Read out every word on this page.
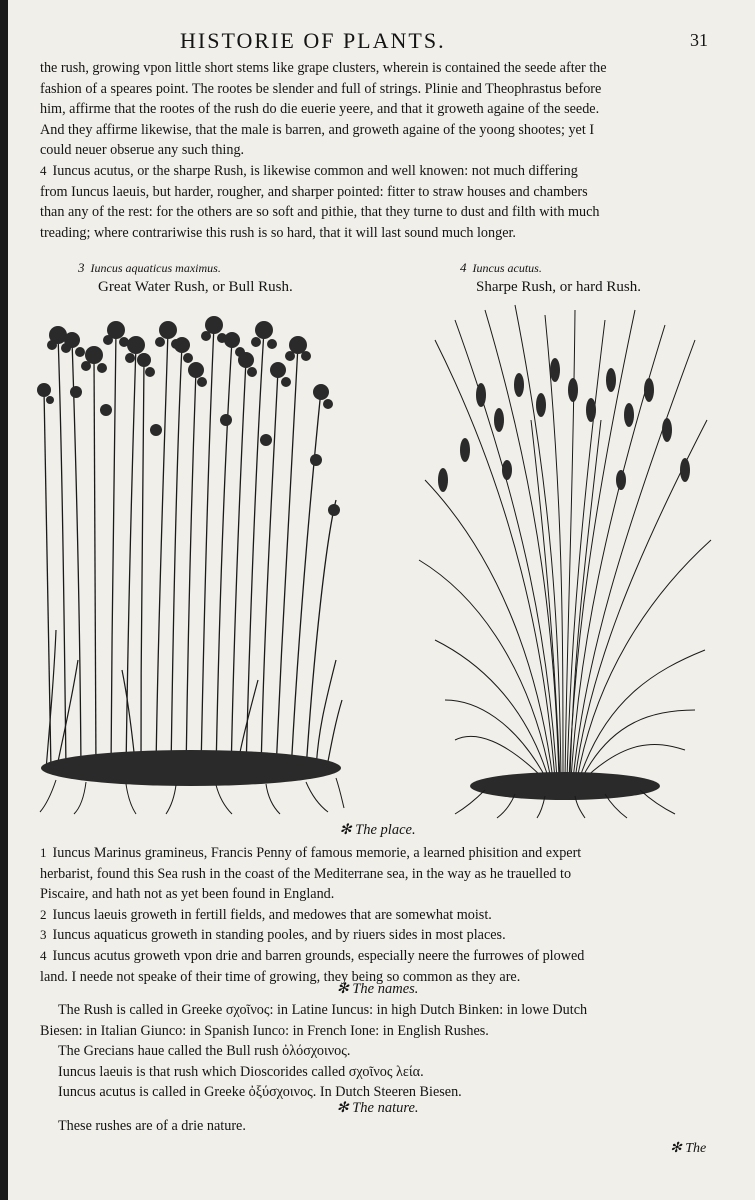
HISTORIE OF PLANTS.	31
the rush, growing vpon little short stems like grape clusters, wherein is contained the seede after the
fashion of a speares point. The rootes be slender and full of strings. Plinie and Theophrastus before
him, affirme that the rootes of the rush do die euerie yeere, and that it groweth againe of the seede.
And they affirme likewise, that the male is barren, and groweth againe of the yoong shootes; yet I
could neuer obserue any such thing.
4 Iuncus acutus, or the sharpe Rush, is likewise common and well knowen: not much differing
from Iuncus laeuis, but harder, rougher, and sharper pointed: fitter to straw houses and chambers
than any of the rest: for the others are so soft and pithie, that they turne to dust and filth with much
treading; where contrariwise this rush is so hard, that it will last sound much longer.
3 Iuncus aquaticus maximus.
Great Water Rush, or Bull Rush.
4 Iuncus acutus.
Sharpe Rush, or hard Rush.
✻ The place.
1 Iuncus Marinus gramineus, Francis Penny of famous memorie, a learned phisition and expert
herbarist, found this Sea rush in the coast of the Mediterrane sea, in the way as he trauelled to
Piscaire, and hath not as yet been found in England.
2 Iuncus laeuis groweth in fertill fields, and medowes that are somewhat moist.
3 Iuncus aquaticus groweth in standing pooles, and by riuers sides in most places.
4 Iuncus acutus groweth vpon drie and barren grounds, especially neere the furrowes of plowed
land. I neede not speake of their time of growing, they being so common as they are.
✻ The names.
The Rush is called in Greeke σχοῖνος: in Latine Iuncus: in high Dutch Binken: in lowe Dutch
Biesen: in Italian Giunco: in Spanish Iunco: in French Ione: in English Rushes.
The Grecians haue called the Bull rush ὀλόσχοινος.
Iuncus laeuis is that rush which Dioscorides called σχοῖνος λεία.
Iuncus acutus is called in Greeke ὀξύσχοινος. In Dutch Steeren Biesen.
✻ The nature.
These rushes are of a drie nature.
✻ The
